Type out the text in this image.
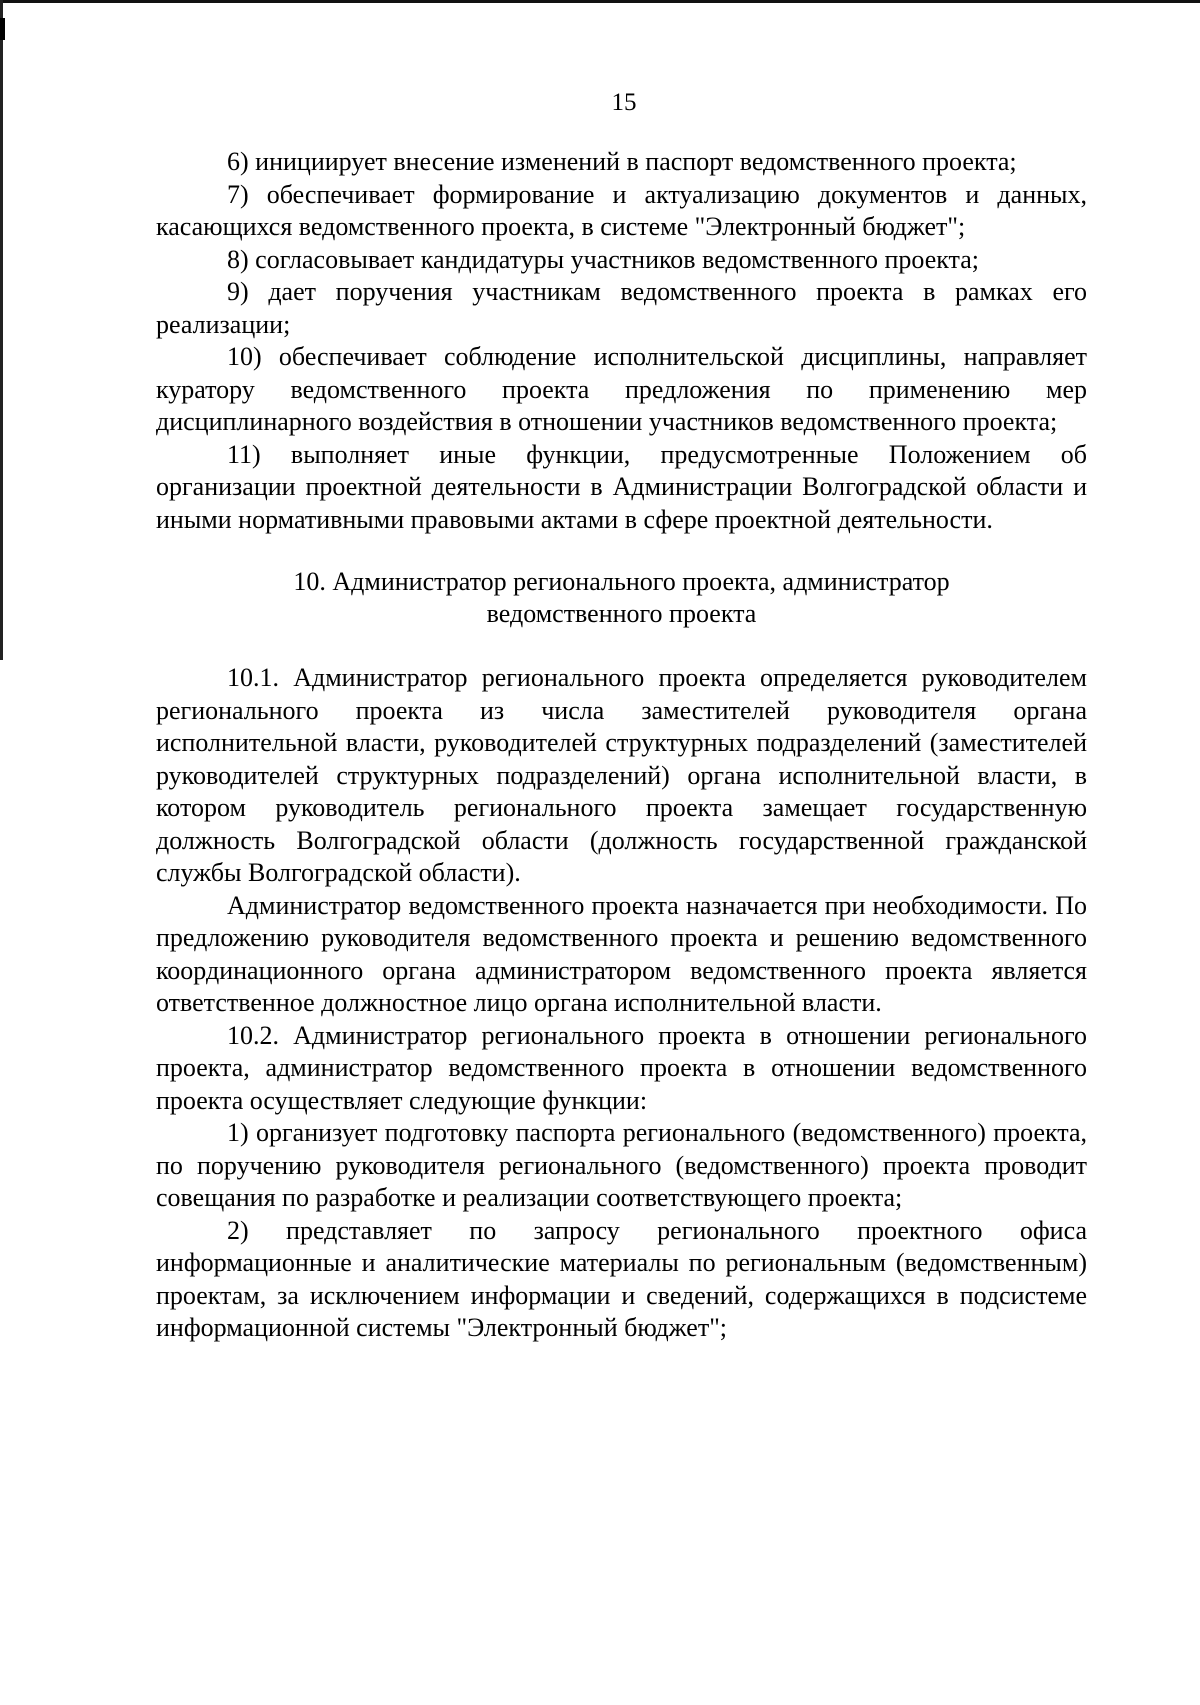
15

6) инициирует внесение изменений в паспорт ведомственного проекта;

7) обеспечивает формирование и актуализацию документов и данных, касающихся ведомственного проекта, в системе "Электронный бюджет";

8) согласовывает кандидатуры участников ведомственного проекта;

9) дает поручения участникам ведомственного проекта в рамках его реализации;

10) обеспечивает соблюдение исполнительской дисциплины, направляет куратору ведомственного проекта предложения по применению мер дисциплинарного воздействия в отношении участников ведомственного проекта;

11) выполняет иные функции, предусмотренные Положением об организации проектной деятельности в Администрации Волгоградской области и иными нормативными правовыми актами в сфере проектной деятельности.

10. Администратор регионального проекта, администратор
ведомственного проекта

10.1. Администратор регионального проекта определяется руководителем регионального проекта из числа заместителей руководителя органа исполнительной власти, руководителей структурных подразделений (заместителей руководителей структурных подразделений) органа исполнительной власти, в котором руководитель регионального проекта замещает государственную должность Волгоградской области (должность государственной гражданской службы Волгоградской области).

Администратор ведомственного проекта назначается при необходимости. По предложению руководителя ведомственного проекта и решению ведомственного координационного органа администратором ведомственного проекта является ответственное должностное лицо органа исполнительной власти.

10.2. Администратор регионального проекта в отношении регионального проекта, администратор ведомственного проекта в отношении ведомственного проекта осуществляет следующие функции:

1) организует подготовку паспорта регионального (ведомственного) проекта, по поручению руководителя регионального (ведомственного) проекта проводит совещания по разработке и реализации соответствующего проекта;

2) представляет по запросу регионального проектного офиса информационные и аналитические материалы по региональным (ведомственным) проектам, за исключением информации и сведений, содержащихся в подсистеме информационной системы "Электронный бюджет";
